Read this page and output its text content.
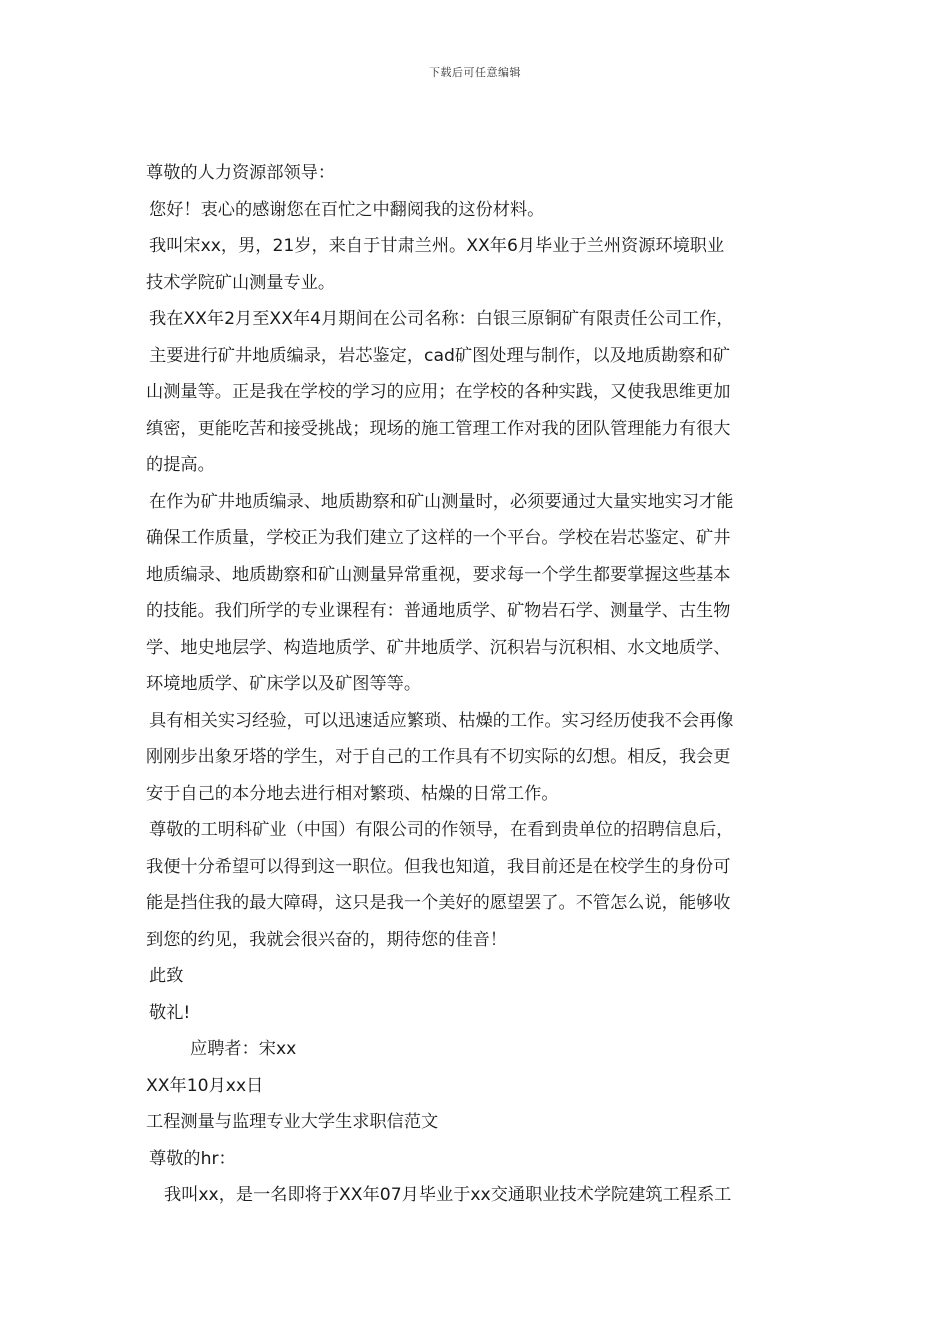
下载后可任意编辑
尊敬的人力资源部领导：
您好！衷心的感谢您在百忙之中翻阅我的这份材料。
我叫宋xx，男，21岁，来自于甘肃兰州。XX年6月毕业于兰州资源环境职业
技术学院矿山测量专业。
我在XX年2月至XX年4月期间在公司名称：白银三原铜矿有限责任公司工作，
主要进行矿井地质编录，岩芯鉴定，cad矿图处理与制作，以及地质勘察和矿
山测量等。正是我在学校的学习的应用；在学校的各种实践，又使我思维更加
缜密，更能吃苦和接受挑战；现场的施工管理工作对我的团队管理能力有很大
的提高。
在作为矿井地质编录、地质勘察和矿山测量时，必须要通过大量实地实习才能
确保工作质量，学校正为我们建立了这样的一个平台。学校在岩芯鉴定、矿井
地质编录、地质勘察和矿山测量异常重视，要求每一个学生都要掌握这些基本
的技能。我们所学的专业课程有：普通地质学、矿物岩石学、测量学、古生物
学、地史地层学、构造地质学、矿井地质学、沉积岩与沉积相、水文地质学、
环境地质学、矿床学以及矿图等等。
具有相关实习经验，可以迅速适应繁琐、枯燥的工作。实习经历使我不会再像
刚刚步出象牙塔的学生，对于自己的工作具有不切实际的幻想。相反，我会更
安于自己的本分地去进行相对繁琐、枯燥的日常工作。
尊敬的工明科矿业（中国）有限公司的作领导，在看到贵单位的招聘信息后，
我便十分希望可以得到这一职位。但我也知道，我目前还是在校学生的身份可
能是挡住我的最大障碍，这只是我一个美好的愿望罢了。不管怎么说，能够收
到您的约见，我就会很兴奋的，期待您的佳音！
此致
敬礼!
应聘者：宋xx
XX年10月xx日
工程测量与监理专业大学生求职信范文
尊敬的hr：
我叫xx，是一名即将于XX年07月毕业于xx交通职业技术学院建筑工程系工
